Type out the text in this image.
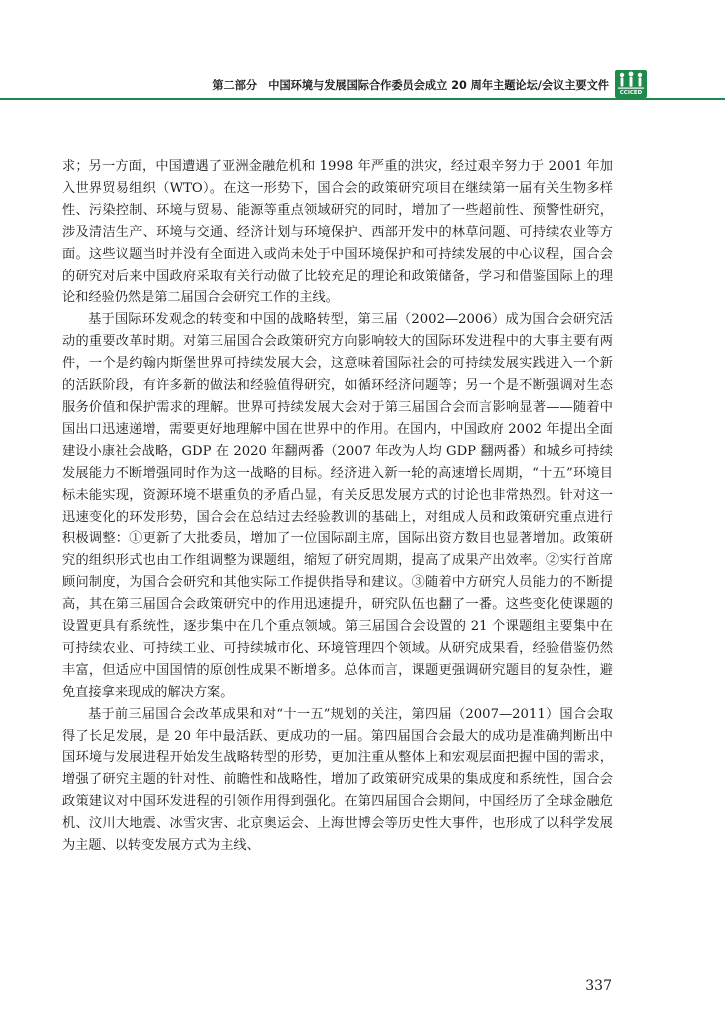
第二部分　中国环境与发展国际合作委员会成立 20 周年主题论坛/会议主要文件
CCICED

求；另一方面，中国遭遇了亚洲金融危机和 1998 年严重的洪灾，经过艰辛努力于 2001 年加入世界贸易组织（WTO）。在这一形势下，国合会的政策研究项目在继续第一届有关生物多样性、污染控制、环境与贸易、能源等重点领域研究的同时，增加了一些超前性、预警性研究，涉及清洁生产、环境与交通、经济计划与环境保护、西部开发中的林草问题、可持续农业等方面。这些议题当时并没有全面进入或尚未处于中国环境保护和可持续发展的中心议程，国合会的研究对后来中国政府采取有关行动做了比较充足的理论和政策储备，学习和借鉴国际上的理论和经验仍然是第二届国合会研究工作的主线。

基于国际环发观念的转变和中国的战略转型，第三届（2002—2006）成为国合会研究活动的重要改革时期。对第三届国合会政策研究方向影响较大的国际环发进程中的大事主要有两件，一个是约翰内斯堡世界可持续发展大会，这意味着国际社会的可持续发展实践进入一个新的活跃阶段，有许多新的做法和经验值得研究，如循环经济问题等；另一个是不断强调对生态服务价值和保护需求的理解。世界可持续发展大会对于第三届国合会而言影响显著——随着中国出口迅速递增，需要更好地理解中国在世界中的作用。在国内，中国政府 2002 年提出全面建设小康社会战略，GDP 在 2020 年翻两番（2007 年改为人均 GDP 翻两番）和城乡可持续发展能力不断增强同时作为这一战略的目标。经济进入新一轮的高速增长周期，“十五”环境目标未能实现，资源环境不堪重负的矛盾凸显，有关反思发展方式的讨论也非常热烈。针对这一迅速变化的环发形势，国合会在总结过去经验教训的基础上，对组成人员和政策研究重点进行积极调整：①更新了大批委员，增加了一位国际副主席，国际出资方数目也显著增加。政策研究的组织形式也由工作组调整为课题组，缩短了研究周期，提高了成果产出效率。②实行首席顾问制度，为国合会研究和其他实际工作提供指导和建议。③随着中方研究人员能力的不断提高，其在第三届国合会政策研究中的作用迅速提升，研究队伍也翻了一番。这些变化使课题的设置更具有系统性，逐步集中在几个重点领域。第三届国合会设置的 21 个课题组主要集中在可持续农业、可持续工业、可持续城市化、环境管理四个领域。从研究成果看，经验借鉴仍然丰富，但适应中国国情的原创性成果不断增多。总体而言，课题更强调研究题目的复杂性，避免直接拿来现成的解决方案。

基于前三届国合会改革成果和对“十一五”规划的关注，第四届（2007—2011）国合会取得了长足发展，是 20 年中最活跃、更成功的一届。第四届国合会最大的成功是准确判断出中国环境与发展进程开始发生战略转型的形势，更加注重从整体上和宏观层面把握中国的需求，增强了研究主题的针对性、前瞻性和战略性，增加了政策研究成果的集成度和系统性，国合会政策建议对中国环发进程的引领作用得到强化。在第四届国合会期间，中国经历了全球金融危机、汶川大地震、冰雪灾害、北京奥运会、上海世博会等历史性大事件，也形成了以科学发展为主题、以转变发展方式为主线、

337
